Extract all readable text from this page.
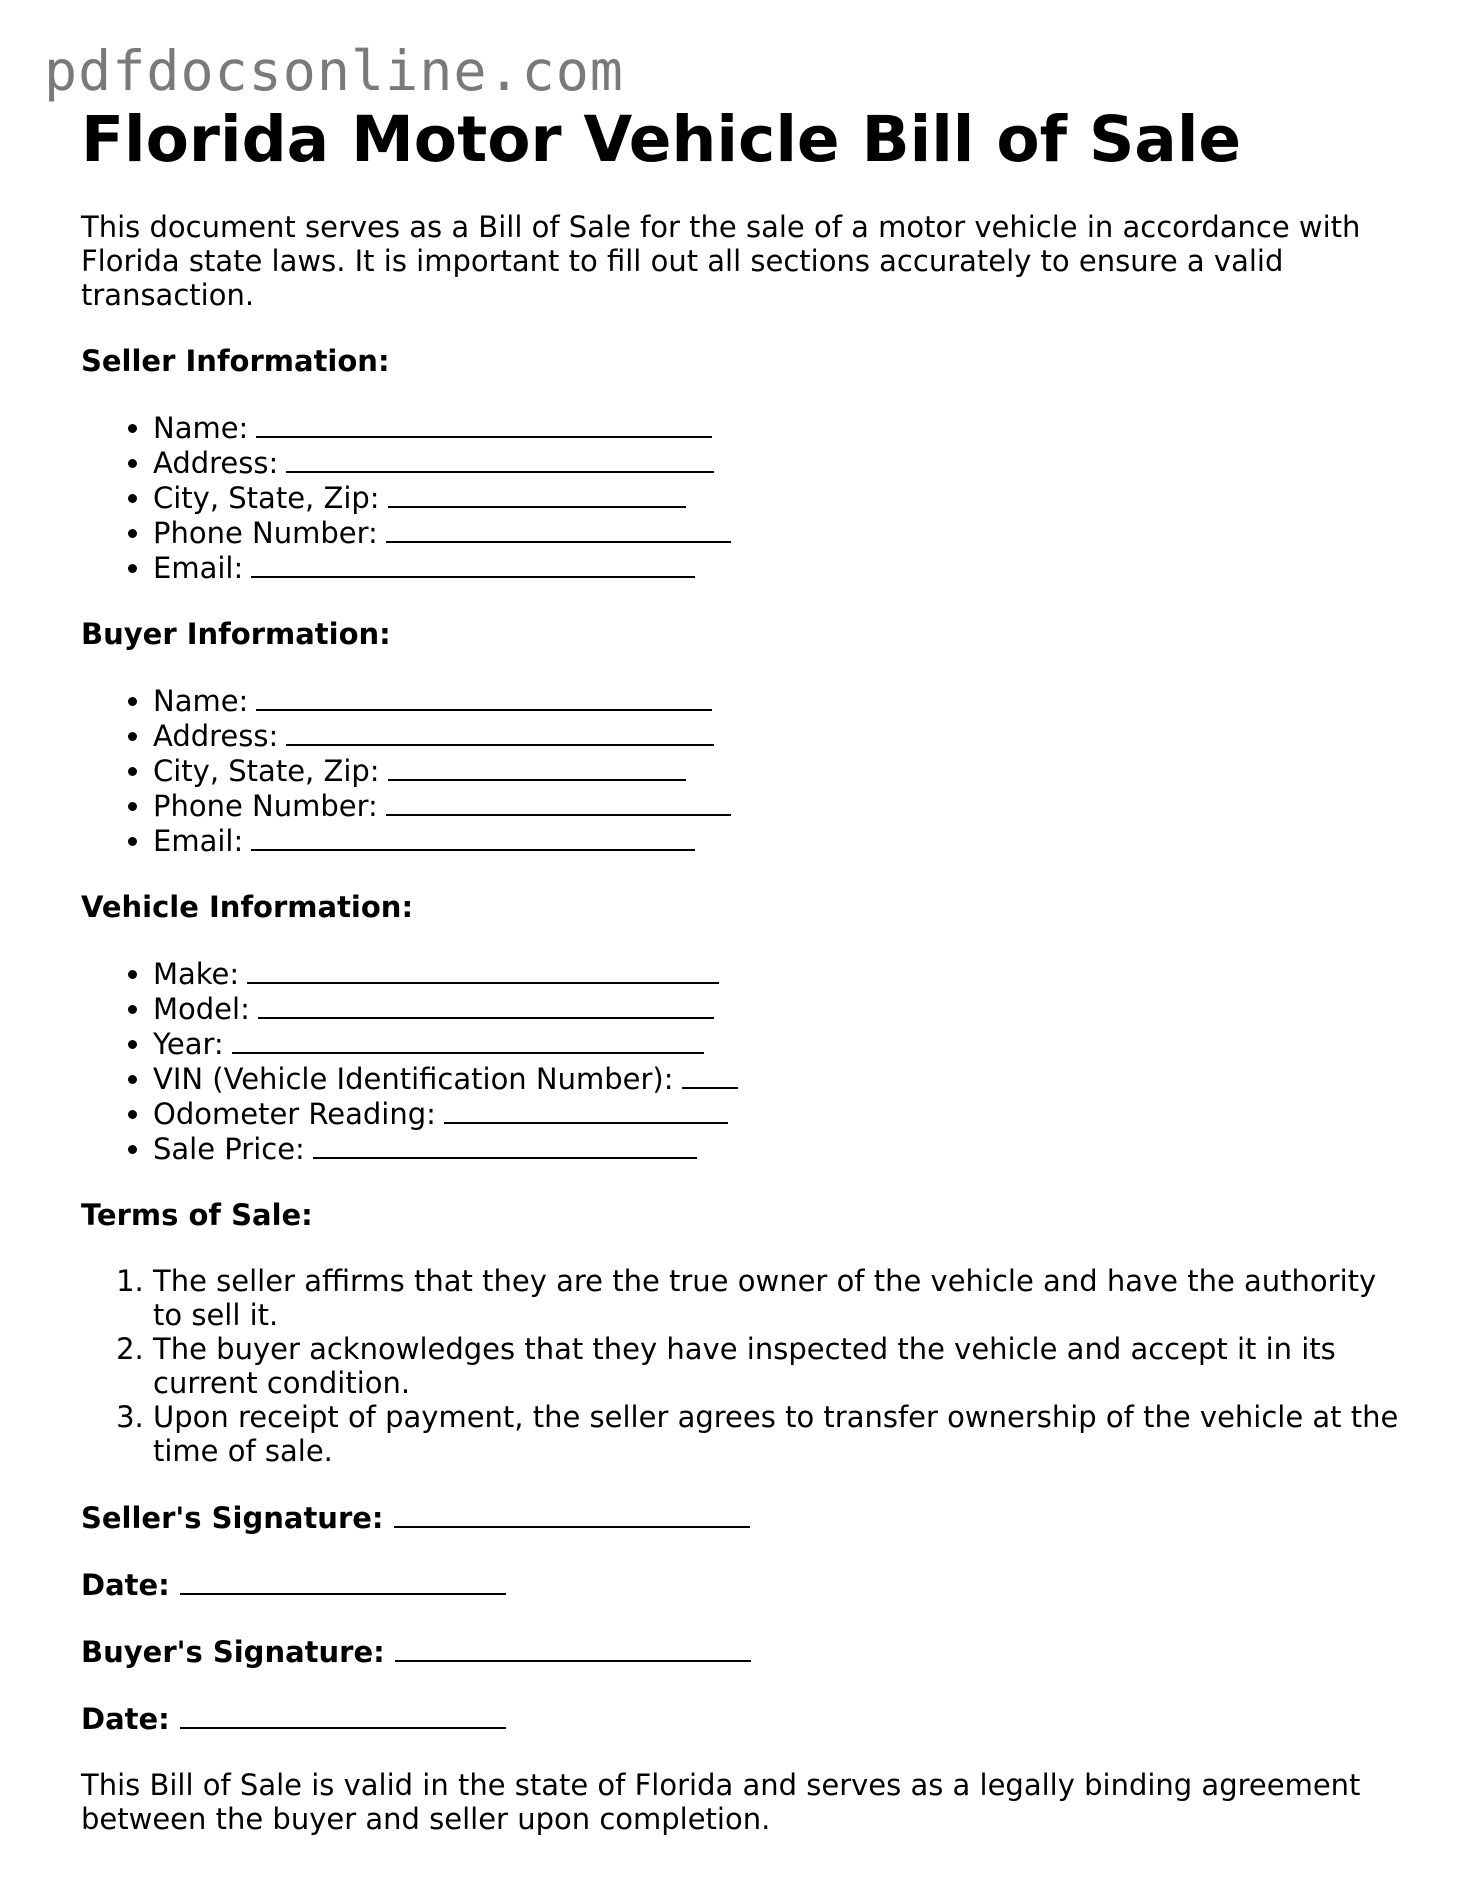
pdfdocsonline.com
Florida Motor Vehicle Bill of Sale

This document serves as a Bill of Sale for the sale of a motor vehicle in accordance with Florida state laws. It is important to fill out all sections accurately to ensure a valid transaction.

Seller Information:
• Name:
• Address:
• City, State, Zip:
• Phone Number:
• Email:
Buyer Information:
• Name:
• Address:
• City, State, Zip:
• Phone Number:
• Email:
Vehicle Information:
• Make:
• Model:
• Year:
• VIN (Vehicle Identification Number):
• Odometer Reading:
• Sale Price:
Terms of Sale:
1. The seller affirms that they are the true owner of the vehicle and have the authority to sell it.
2. The buyer acknowledges that they have inspected the vehicle and accept it in its current condition.
3. Upon receipt of payment, the seller agrees to transfer ownership of the vehicle at the time of sale.
Seller's Signature:
Date:
Buyer's Signature:
Date:

This Bill of Sale is valid in the state of Florida and serves as a legally binding agreement between the buyer and seller upon completion.
